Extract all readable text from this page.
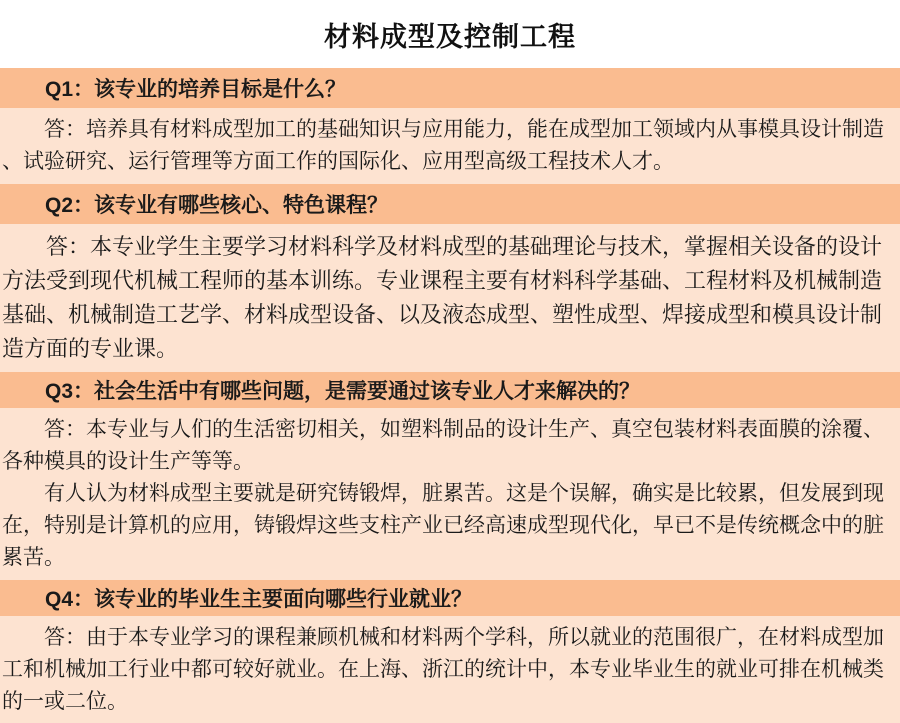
材料成型及控制工程
Q1：该专业的培养目标是什么？

答：培养具有材料成型加工的基础知识与应用能力，能在成型加工领域内从事模具设计制造、试验研究、运行管理等方面工作的国际化、应用型高级工程技术人才。

Q2：该专业有哪些核心、特色课程？

答：本专业学生主要学习材料科学及材料成型的基础理论与技术，掌握相关设备的设计方法受到现代机械工程师的基本训练。专业课程主要有材料科学基础、工程材料及机械制造基础、机械制造工艺学、材料成型设备、以及液态成型、塑性成型、焊接成型和模具设计制造方面的专业课。

Q3：社会生活中有哪些问题，是需要通过该专业人才来解决的？

答：本专业与人们的生活密切相关，如塑料制品的设计生产、真空包装材料表面膜的涂覆、各种模具的设计生产等等。

有人认为材料成型主要就是研究铸锻焊，脏累苦。这是个误解，确实是比较累，但发展到现在，特别是计算机的应用，铸锻焊这些支柱产业已经高速成型现代化，早已不是传统概念中的脏累苦。

Q4：该专业的毕业生主要面向哪些行业就业？

答：由于本专业学习的课程兼顾机械和材料两个学科，所以就业的范围很广，在材料成型加工和机械加工行业中都可较好就业。在上海、浙江的统计中，本专业毕业生的就业可排在机械类的一或二位。
